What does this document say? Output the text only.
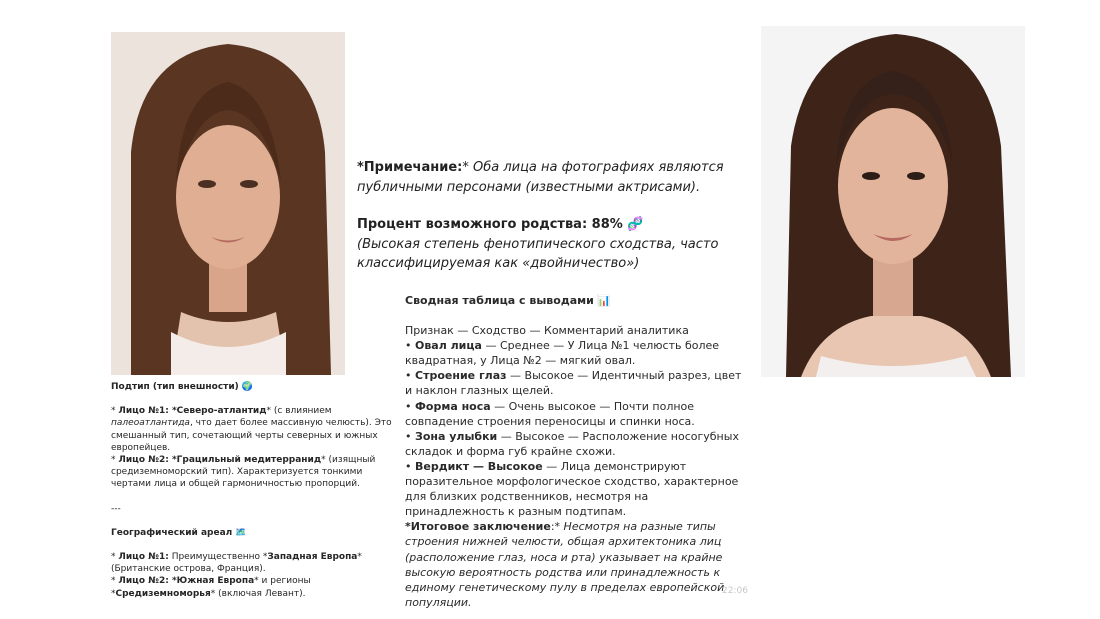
*Примечание:* Оба лица на фотографиях являются публичными персонами (известными актрисами).

Процент возможного родства: 88% 🧬

(Высокая степень фенотипического сходства, часто классифицируемая как «двойничество»)

Подтип (тип внешности) 🌍

* Лицо №1: *Северо-атлантид* (с влиянием палеоатлантида, что дает более массивную челюсть). Это смешанный тип, сочетающий черты северных и южных европейцев.

* Лицо №2: *Грацильный медитерранид* (изящный средиземноморский тип). Характеризуется тонкими чертами лица и общей гармоничностью пропорций.

---

Географический ареал 🗺️

* Лицо №1: Преимущественно *Западная Европа* (Британские острова, Франция).

* Лицо №2: *Южная Европа* и регионы *Средиземноморья* (включая Левант).

Сводная таблица с выводами 📊

Признак — Сходство — Комментарий аналитика

• Овал лица — Среднее — У Лица №1 челюсть более квадратная, у Лица №2 — мягкий овал.

• Строение глаз — Высокое — Идентичный разрез, цвет и наклон глазных щелей.

• Форма носа — Очень высокое — Почти полное совпадение строения переносицы и спинки носа.

• Зона улыбки — Высокое — Расположение носогубных складок и форма губ крайне схожи.

• Вердикт — Высокое — Лица демонстрируют поразительное морфологическое сходство, характерное для близких родственников, несмотря на принадлежность к разным подтипам.

*Итоговое заключение:* Несмотря на разные типы строения нижней челюсти, общая архитектоника лиц (расположение глаз, носа и рта) указывает на крайне высокую вероятность родства или принадлежность к единому генетическому пулу в пределах европейской популяции.

22:06
